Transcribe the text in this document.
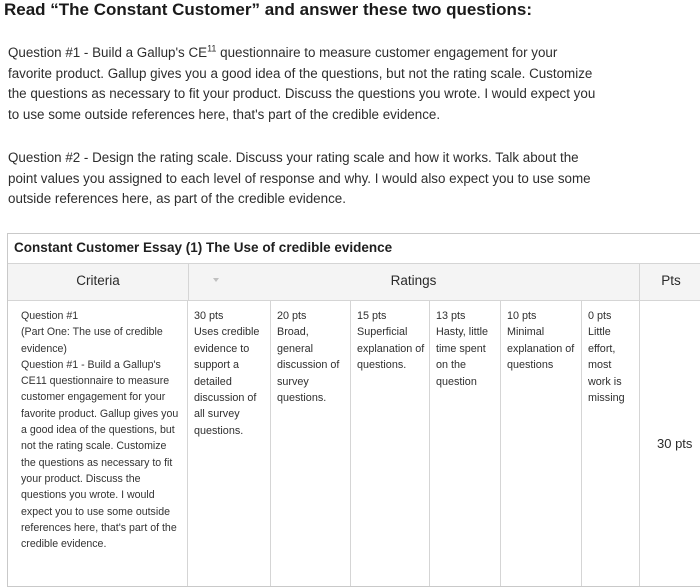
Read “The Constant Customer” and answer these two questions:

Question #1 - Build a Gallup's CE$^{11}$ questionnaire to measure customer engagement for your favorite product. Gallup gives you a good idea of the questions, but not the rating scale. Customize the questions as necessary to fit your product. Discuss the questions you wrote. I would expect you to use some outside references here, that's part of the credible evidence.

Question #2 - Design the rating scale. Discuss your rating scale and how it works. Talk about the point values you assigned to each level of response and why. I would also expect you to use some outside references here, as part of the credible evidence.

Constant Customer Essay (1) The Use of credible evidence
Criteria	Ratings	Pts

Question #1

(Part One: The use of credible evidence)

Question #1 - Build a Gallup's CE11 questionnaire to measure customer engagement for your favorite product. Gallup gives you a good idea of the questions, but not the rating scale. Customize the questions as necessary to fit your product. Discuss the questions you wrote. I would expect you to use some outside references here, that's part of the credible evidence.

30 pts
Uses credible evidence to support a detailed discussion of all survey questions.
20 pts
Broad, general discussion of survey questions.
15 pts
Superficial explanation of questions.
13 pts
Hasty, little time spent on the question
10 pts
Minimal explanation of questions
0 pts
Little effort, most work is missing
30 pts
